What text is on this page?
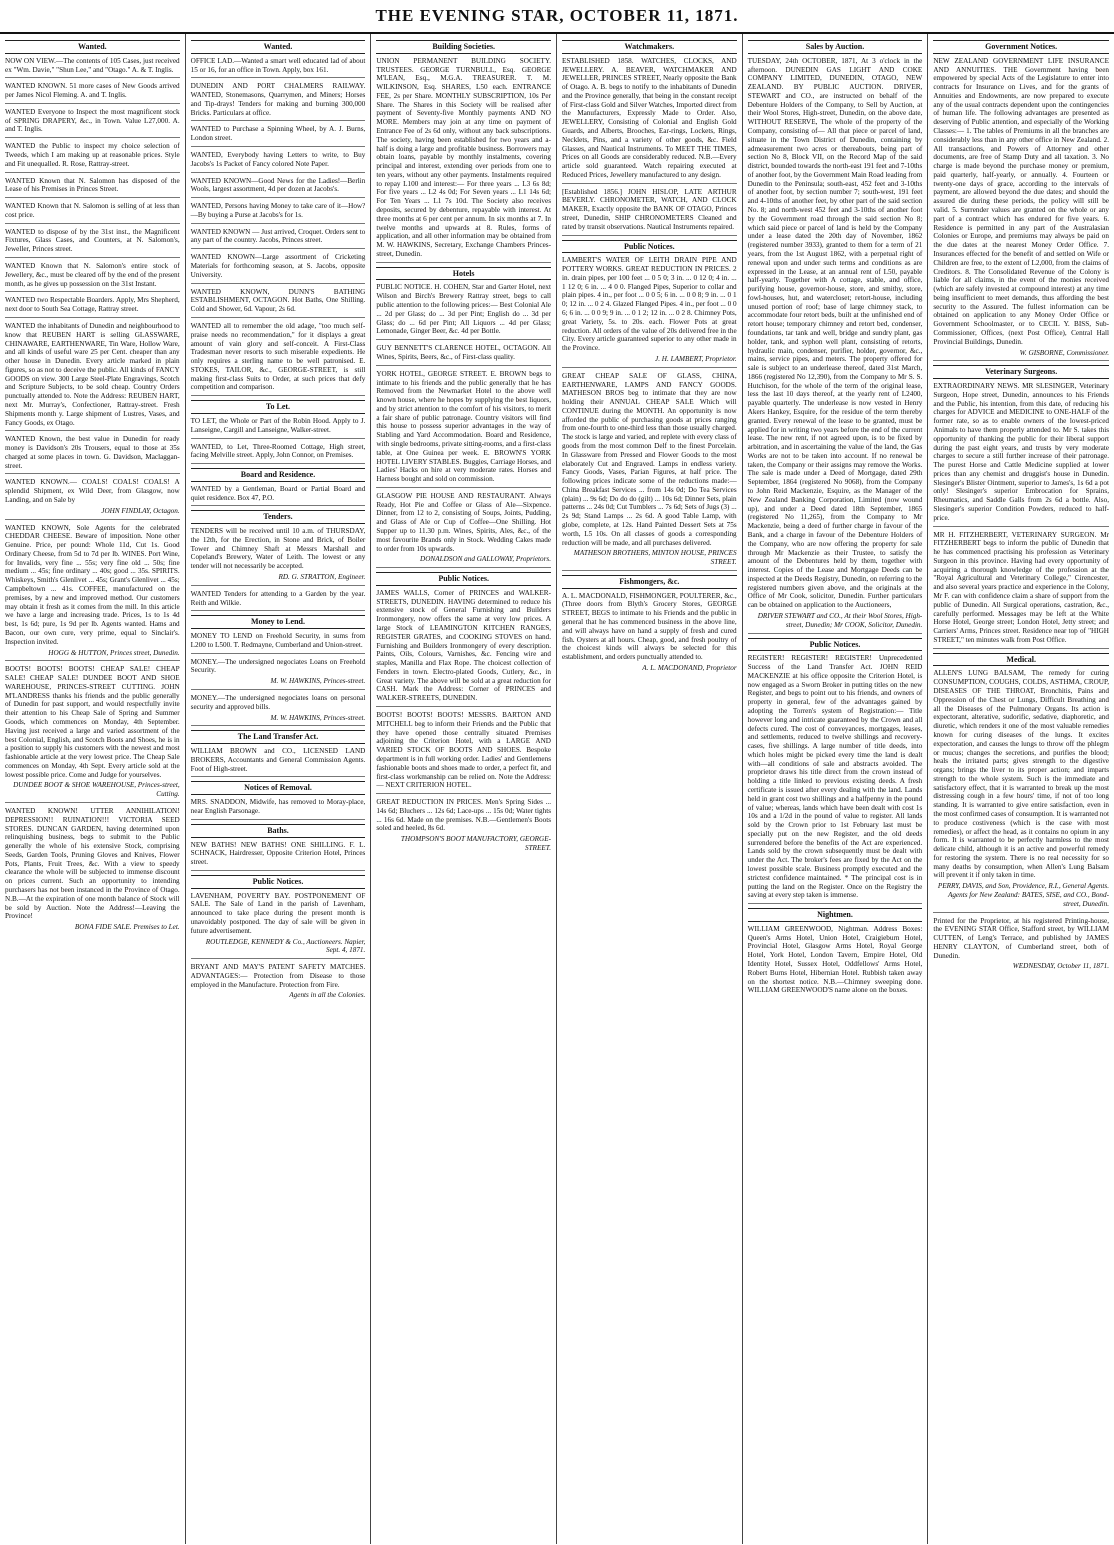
THE EVENING STAR, OCTOBER 11, 1871.
Wanted.
NOW ON VIEW.—The contents of 105 Cases, just received ex "Wm. Davie," "Shun Lee," and "Otago." A. & T. Inglis.
WANTED KNOWN. 51 more cases of New Goods arrived per James Nicol Fleming. A. and T. Inglis.
WANTED Everyone to Inspect the most magnificent stock of SPRING DRAPERY, &c., in Town. Value L27,000. A. and T. Inglis.
WANTED the Public to inspect my choice selection of Tweeds, which I am making up at reasonable prices. Style and Fit unequalled. R. Rose, Rattray-street.
WANTED Known that N. Salomon has disposed of the Lease of his Premises in Princes Street.
WANTED Known that N. Salomon is selling of at less than cost price.
WANTED to dispose of by the 31st inst., the Magnificent Fixtures, Glass Cases, and Counters, at N. Salomon's, Jeweller, Princes street.
WANTED Known that N. Salomon's entire stock of Jewellery, &c., must be cleared off by the end of the present month, as he gives up possession on the 31st Instant.
WANTED two Respectable Boarders. Apply, Mrs Shepherd, next door to South Sea Cottage, Rattray street.
WANTED the inhabitants of Dunedin and neighbourhood to know that REUBEN HART is selling GLASSWARE, CHINAWARE, EARTHENWARE, Tin Ware, Hollow Ware, and all kinds of useful ware 25 per Cent. cheaper than any other house in Dunedin. Every article marked in plain figures, so as not to deceive the public. All kinds of FANCY GOODS on view. 300 Large Steel-Plate Engravings, Scotch and Scripture Subjects, to be sold cheap. Country Orders punctually attended to. Note the Address: REUBEN HART, next Mr. Murray's, Confectioner, Rattray-street. Fresh Shipments month y. Large shipment of Lustres, Vases, and Fancy Goods, ex Otago.
WANTED Known, the best value in Dunedin for ready money is Davidson's 20s Trousers, equal to those at 35s charged at some places in town. G. Davidson, Maclaggan-street.
WANTED KNOWN.— COALS! COALS! COALS! A splendid Shipment, ex Wild Deer, from Glasgow, now Landing, and on Sale by
JOHN FINDLAY, Octagon.
WANTED KNOWN, Sole Agents for the celebrated CHEDDAR CHEESE. Beware of imposition. None other Genuine. Price, per pound: Whole 11d, Cut 1s. Good Ordinary Cheese, from 5d to 7d per lb. WINES. Port Wine, for Invalids, very fine ... 55s; very fine old ... 50s; fine medium ... 45s; fine ordinary ... 40s; good ... 35s. SPIRITS. Whiskeys, Smith's Glenlivet ... 45s; Grant's Glenlivet ... 45s; Campbeltown ... 41s. COFFEE, manufactured on the premises, by a new and improved method. Our customers may obtain it fresh as it comes from the mill. In this article we have a large and increasing trade. Prices, 1s to 1s 4d best, 1s 6d; pure, 1s 9d per lb. Agents wanted. Hams and Bacon, our own cure, very prime, equal to Sinclair's. Inspection invited.
HOGG & HUTTON, Princes street, Dunedin.
BOOTS! BOOTS! BOOTS! CHEAP SALE! CHEAP SALE! CHEAP SALE! DUNDEE BOOT AND SHOE WAREHOUSE, PRINCES-STREET CUTTING. JOHN M'LANDRESS thanks his friends and the public generally of Dunedin for past support, and would respectfully invite their attention to his Cheap Sale of Spring and Summer Goods, which commences on Monday, 4th September. Having just received a large and varied assortment of the best Colonial, English, and Scotch Boots and Shoes, he is in a position to supply his customers with the newest and most fashionable article at the very lowest price. The Cheap Sale commences on Monday, 4th Sept. Every article sold at the lowest possible price. Come and Judge for yourselves.
DUNDEE BOOT & SHOE WAREHOUSE, Princes-street, Cutting.
WANTED KNOWN! UTTER ANNIHILATION! DEPRESSION!! RUINATION!!! VICTORIA SEED STORES. DUNCAN GARDEN, having determined upon relinquishing business, begs to submit to the Public generally the whole of his extensive Stock, comprising Seeds, Garden Tools, Pruning Gloves and Knives, Flower Pots, Plants, Fruit Trees, &c. With a view to speedy clearance the whole will be subjected to immense discount on prices current. Such an opportunity to intending purchasers has not been instanced in the Province of Otago. N.B.—At the expiration of one month balance of Stock will be sold by Auction. Note the Address!—Leaving the Province!
BONA FIDE SALE. Premises to Let.
Wanted.
OFFICE LAD.—Wanted a smart well educated lad of about 15 or 16, for an office in Town. Apply, box 161.
DUNEDIN AND PORT CHALMERS RAILWAY. WANTED, Stonemasons, Quarrymen, and Miners; Horses and Tip-drays! Tenders for making and burning 300,000 Bricks. Particulars at office.
WANTED to Purchase a Spinning Wheel, by A. J. Burns, London street.
WANTED, Everybody having Letters to write, to Buy Jacobs's 1s Packet of Fancy colored Note Paper.
WANTED KNOWN—Good News for the Ladies!—Berlin Wools, largest assortment, 4d per dozen at Jacobs's.
WANTED, Persons having Money to take care of it—How?—By buying a Purse at Jacobs's for 1s.
WANTED KNOWN — Just arrived, Croquet. Orders sent to any part of the country. Jacobs, Princes street.
WANTED KNOWN—Large assortment of Cricketing Materials for forthcoming season, at S. Jacobs, opposite University.
WANTED KNOWN, DUNN'S BATHING ESTABLISHMENT, OCTAGON. Hot Baths, One Shilling. Cold and Shower, 6d. Vapour, 2s 6d.
WANTED all to remember the old adage, "too much self-praise needs no recommendation," for it displays a great amount of vain glory and self-conceit. A First-Class Tradesman never resorts to such miserable expedients. He only requires a sterling name to be well patronised. E. STOKES, TAILOR, &c., GEORGE-STREET, is still making first-class Suits to Order, at such prices that defy competition and comparison.
To Let.
TO LET, the Whole or Part of the Robin Hood. Apply to J. Lanseigne, Cargill and Lanseigne, Walker-street.
WANTED, to Let, Three-Roomed Cottage, High street, facing Melville street. Apply, John Connor, on Premises.
Board and Residence.
WANTED by a Gentleman, Board or Partial Board and quiet residence. Box 47, P.O.
Tenders.
TENDERS will be received until 10 a.m. of THURSDAY, the 12th, for the Erection, in Stone and Brick, of Boiler Tower and Chimney Shaft at Messrs Marshall and Copeland's Brewery, Water of Leith. The lowest or any tender will not necessarily be accepted.
RD. G. STRATTON, Engineer.
WANTED Tenders for attending to a Garden by the year. Reith and Wilkie.
Money to Lend.
MONEY TO LEND on Freehold Security, in sums from L200 to L500. T. Redmayne, Cumberland and Union-street.
MONEY.—The undersigned negociates Loans on Freehold Security.
M. W. HAWKINS, Princes-street.
MONEY.—The undersigned negociates loans on personal security and approved bills.
M. W. HAWKINS, Princes-street.
The Land Transfer Act.
WILLIAM BROWN and CO., LICENSED LAND BROKERS, Accountants and General Commission Agents. Foot of High-street.
Notices of Removal.
MRS. SNADDON, Midwife, has removed to Moray-place, near English Parsonage.
Baths.
NEW BATHS! NEW BATHS! ONE SHILLING. F. L. SCHNACK, Hairdresser, Opposite Criterion Hotel, Princes street.
Public Notices.
LAVENHAM, POVERTY BAY. POSTPONEMENT OF SALE. The Sale of Land in the parish of Lavenham, announced to take place during the present month is unavoidably postponed. The day of sale will be given in future advertisement.
ROUTLEDGE, KENNEDY & Co., Auctioneers. Napier, Sept. 4, 1871.
BRYANT AND MAY'S PATENT SAFETY MATCHES. ADVANTAGES:— Protection from Disease to those employed in the Manufacture. Protection from Fire.
Agents in all the Colonies.
Building Societies.
UNION PERMANENT BUILDING SOCIETY. TRUSTEES. GEORGE TURNBULL, Esq. GEORGE M'LEAN, Esq., M.G.A. TREASURER. T. M. WILKINSON, Esq. SHARES, L50 each. ENTRANCE FEE, 2s per Share. MONTHLY SUBSCRIPTION, 10s Per Share. The Shares in this Society will be realised after payment of Seventy-five Monthly payments AND NO MORE. Members may join at any time on payment of Entrance Fee of 2s 6d only, without any back subscriptions. The society, having been established for two years and a-half is doing a large and profitable business. Borrowers may obtain loans, payable by monthly instalments, covering principal and interest, extending over periods from one to ten years, without any other payments. Instalments required to repay L100 and interest:— For three years ... L3 6s 8d; For five years ... L2 4s 0d; For Seven years ... L1 14s 6d; For Ten Years ... L1 7s 10d. The Society also receives deposits, secured by debenture, repayable with interest. At three months at 6 per cent per annum. In six months at 7. In twelve months and upwards at 8. Rules, forms of application, and all other information may be obtained from M. W. HAWKINS, Secretary, Exchange Chambers Princes-street, Dunedin.
Hotels
PUBLIC NOTICE. H. COHEN, Star and Garter Hotel, next Wilson and Birch's Brewery Rattray street, begs to call public attention to the following prices:— Best Colonial Ale ... 2d per Glass; do ... 3d per Pint; English do ... 3d per Glass; do ... 6d per Pint; All Liquors ... 4d per Glass; Lemonade, Ginger Beer, &c. 4d per Bottle.
GUY BENNETT'S CLARENCE HOTEL, OCTAGON. All Wines, Spirits, Beers, &c., of First-class quality.
YORK HOTEL, GEORGE STREET. E. BROWN begs to intimate to his friends and the public generally that he has Removed from the Newmarket Hotel to the above well known house, where he hopes by supplying the best liquors, and by strict attention to the comfort of his visitors, to merit a fair share of public patronage. Country visitors will find this house to possess superior advantages in the way of Stabling and Yard Accommodation. Board and Residence, with single bedrooms, private sitting-rooms, and a first-class table, at One Guinea per week. E. BROWN'S YORK HOTEL LIVERY STABLES. Buggies, Carriage Horses, and Ladies' Hacks on hire at very moderate rates. Horses and Harness bought and sold on commission.
GLASGOW PIE HOUSE AND RESTAURANT. Always Ready, Hot Pie and Coffee or Glass of Ale—Sixpence. Dinner, from 12 to 2, consisting of Soups, Joints, Pudding, and Glass of Ale or Cup of Coffee—One Shilling. Hot Supper up to 11.30 p.m. Wines, Spirits, Ales, &c., of the most favourite Brands only in Stock. Wedding Cakes made to order from 10s upwards.
DONALDSON and GALLOWAY, Proprietors.
Public Notices.
JAMES WALLS, Corner of PRINCES and WALKER-STREETS, DUNEDIN. HAVING determined to reduce his extensive stock of General Furnishing and Builders Ironmongery, now offers the same at very low prices. A large Stock of LEAMINGTON KITCHEN RANGES, REGISTER GRATES, and COOKING STOVES on hand. Furnishing and Builders Ironmongery of every description. Paints, Oils, Colours, Varnishes, &c. Fencing wire and staples, Manilla and Flax Rope. The choicest collection of Fenders in town. Electro-plated Goods, Cutlery, &c., in Great variety. The above will be sold at a great reduction for CASH. Mark the Address: Corner of PRINCES and WALKER-STREETS, DUNEDIN.
BOOTS! BOOTS! BOOTS! MESSRS. BARTON AND MITCHELL beg to inform their Friends and the Public that they have opened those centrally situated Premises adjoining the Criterion Hotel, with a LARGE AND VARIED STOCK OF BOOTS AND SHOES. Bespoke department is in full working order. Ladies' and Gentlemens fashionable boots and shoes made to order, a perfect fit, and first-class workmanship can be relied on. Note the Address:— NEXT CRITERION HOTEL.
GREAT REDUCTION IN PRICES. Men's Spring Sides ... 14s 6d; Bluchers ... 12s 6d; Lace-ups ... 15s 0d; Water tights ... 16s 6d. Made on the premises. N.B.—Gentlemen's Boots soled and heeled, 8s 6d.
THOMPSON'S BOOT MANUFACTORY, GEORGE-STREET.
Watchmakers.
ESTABLISHED 1858. WATCHES, CLOCKS, AND JEWELLERY. A. BEAVER, WATCHMAKER AND JEWELLER, PRINCES STREET, Nearly opposite the Bank of Otago. A. B. begs to notify to the inhabitants of Dunedin and the Province generally, that being in the constant receipt of First-class Gold and Silver Watches, Imported direct from the Manufacturers, Expressly Made to Order. Also, JEWELLERY, Consisting of Colonial and English Gold Guards, and Alberts, Brooches, Ear-rings, Lockets, Rings, Necklets, Pins, and a variety of other goods, &c. Field Glasses, and Nautical Instruments. To MEET THE TIMES, Prices on all Goods are considerably reduced. N.B.—Every article sold guaranteed. Watch repairing executed at Reduced Prices, Jewellery manufactured to any design.
[Established 1856.] JOHN HISLOP, LATE ARTHUR BEVERLY. CHRONOMETER, WATCH, AND CLOCK MAKER, Exactly opposite the BANK OF OTAGO, Princes street, Dunedin, SHIP CHRONOMETERS Cleaned and rated by transit observations. Nautical Instruments repaired.
Public Notices.
LAMBERT'S WATER OF LEITH DRAIN PIPE AND POTTERY WORKS. GREAT REDUCTION IN PRICES. 2 in. drain pipes, per 100 feet ... 0 5 0; 3 in. ... 0 12 0; 4 in. ... 1 12 0; 6 in. ... 4 0 0. Flanged Pipes, Superior to collar and plain pipes. 4 in., per foot ... 0 0 5; 6 in. ... 0 0 8; 9 in. ... 0 1 0; 12 in. ... 0 2 4. Glazed Flanged Pipes. 4 in., per foot ... 0 0 6; 6 in. ... 0 0 9; 9 in. ... 0 1 2; 12 in. ... 0 2 8. Chimney Pots, great Variety, 5s. to 20s. each. Flower Pots at great reduction. All orders of the value of 20s delivered free in the City. Every article guaranteed superior to any other made in the Province.
J. H. LAMBERT, Proprietor.
GREAT CHEAP SALE OF GLASS, CHINA, EARTHENWARE, LAMPS AND FANCY GOODS. MATHESON BROS beg to intimate that they are now holding their ANNUAL CHEAP SALE Which will CONTINUE during the MONTH. An opportunity is now afforded the public of purchasing goods at prices ranging from one-fourth to one-third less than those usually charged. The stock is large and varied, and replete with every class of goods from the most common Delf to the finest Porcelain. In Glassware from Pressed and Flower Goods to the most elaborately Cut and Engraved. Lamps in endless variety. Fancy Goods, Vases, Parian Figures, at half price. The following prices indicate some of the reductions made:— China Breakfast Services ... from 14s 0d; Do Tea Services (plain) ... 9s 6d; Do do do (gilt) ... 10s 6d; Dinner Sets, plain patterns ... 24s 0d; Cut Tumblers ... 7s 6d; Sets of Jugs (3) ... 2s 9d; Stand Lamps ... 2s 6d. A good Table Lamp, with globe, complete, at 12s. Hand Painted Dessert Sets at 75s worth, L5 10s. On all classes of goods a corresponding reduction will be made, and all purchases delivered.
MATHESON BROTHERS, MINTON HOUSE, PRINCES STREET.
Fishmongers, &c.
A. L. MACDONALD, FISHMONGER, POULTERER, &c., (Three doors from Blyth's Grocery Stores, GEORGE STREET, BEGS to intimate to his Friends and the public in general that he has commenced business in the above line, and will always have on hand a supply of fresh and cured fish. Oysters at all hours. Cheap, good, and fresh poultry of the choicest kinds will always be selected for this establishment, and orders punctually attended to.
A. L. MACDONAND, Proprietor
Sales by Auction.
TUESDAY, 24th OCTOBER, 1871, At 3 o'clock in the afternoon. DUNEDIN GAS LIGHT AND COKE COMPANY LIMITED, DUNEDIN, OTAGO, NEW ZEALAND. BY PUBLIC AUCTION. DRIVER, STEWART and CO., are instructed on behalf of the Debenture Holders of the Company, to Sell by Auction, at their Wool Stores, High-street, Dunedin, on the above date, WITHOUT RESERVE, The whole of the property of the Company, consisting of— All that piece or parcel of land, situate in the Town District of Dunedin, containing by admeasurement two acres or thereabouts, being part of section No 8, Block VII, on the Record Map of the said district, bounded towards the north-east 191 feet and 7-10ths of another foot, by the Government Main Road leading from Dunedin to the Peninsula; south-east, 452 feet and 3-10ths of another foot, by section number 7; south-west, 191 feet and 4-10ths of another feet, by other part of the said section No. 8; and north-west 452 feet and 3-10ths of another foot by the Government road through the said section No 8; which said piece or parcel of land is held by the Company under a lease dated the 20th day of November, 1862 (registered number 3933), granted to them for a term of 21 years, from the 1st August 1862, with a perpetual right of renewal upon and under such terms and conditions as are expressed in the Lease, at an annual rent of L50, payable half-yearly. Together with A cottage, stable, and office, purifying house, governor-house, store, and smithy, store, fowl-houses, hut, and watercloset; retort-house, including unused portion of roof; base of large chimney stack, to accommodate four retort beds, built at the unfinished end of retort house; temporary chimney and retort bed, condenser, foundations, tar tank and well, bridge and sundry plant, gas holder, tank, and syphon well plant, consisting of retorts, hydraulic main, condenser, purifier, holder, governor, &c., mains, service pipes, and meters. The property offered for sale is subject to an underlease thereof, dated 31st March, 1866 (registered No 12,390), from the Company to Mr S. S. Hutchison, for the whole of the term of the original lease, less the last 10 days thereof, at the yearly rent of L2400, payable quarterly. The underlease is now vested in Henry Akers Hankey, Esquire, for the residue of the term thereby granted. Every renewal of the lease to be granted, must be applied for in writing two years before the end of the current lease. The new rent, if not agreed upon, is to be fixed by arbitration, and in ascertaining the value of the land, the Gas Works are not to be taken into account. If no renewal be taken, the Company or their assigns may remove the Works. The sale is made under a Deed of Mortgage, dated 29th September, 1864 (registered No 9068), from the Company to John Reid Mackenzie, Esquire, as the Manager of the New Zealand Banking Corporation, Limited (now wound up), and under a Deed dated 18th September, 1865 (registered No 11,265), from the Company to Mr Mackenzie, being a deed of further charge in favour of the Bank, and a charge in favour of the Debenture Holders of the Company, who are now offering the property for sale through Mr Mackenzie as their Trustee, to satisfy the amount of the Debentures held by them, together with interest. Copies of the Lease and Mortgage Deeds can be inspected at the Deeds Registry, Dunedin, on referring to the registered numbers given above, and the originals at the Office of Mr Cook, solicitor, Dunedin. Further particulars can be obtained on application to the Auctioneers,
DRIVER STEWART and CO., At their Wool Stores, High-street, Dunedin; Mr COOK, Solicitor, Dunedin.
Public Notices.
REGISTER! REGISTER! REGISTER! Unprecedented Success of the Land Transfer Act. JOHN REID MACKENZIE at his office opposite the Criterion Hotel, is now engaged as a Sworn Broker in putting titles on the new Register, and begs to point out to his friends, and owners of property in general, few of the advantages gained by adopting the Torren's system of Registration:— Title however long and intricate guaranteed by the Crown and all defects cured. The cost of conveyances, mortgages, leases, and settlements, reduced to twelve shillings and recovery-cases, five shillings. A large number of title deeds, into which holes might be picked every time the land is dealt with—all conditions of sale and abstracts avoided. The proprietor draws his title direct from the crown instead of holding a title linked to previous existing deeds. A fresh certificate is issued after every dealing with the land. Lands held in grant cost two shillings and a halfpenny in the pound of value; whereas, lands which have been dealt with cost 1s 10s and a 1/2d in the pound of value to register. All lands sold by the Crown prior to 1st February last must be specially put on the new Register, and the old deeds surrendered before the benefits of the Act are experienced. Lands sold by the crown subsequently must be dealt with under the Act. The broker's fees are fixed by the Act on the lowest possible scale. Business promptly executed and the strictest confidence maintained. * The principal cost is in putting the land on the Register. Once on the Registry the saving at every step taken is immense.
Nightmen.
WILLIAM GREENWOOD, Nightman. Address Boxes: Queen's Arms Hotel, Union Hotel, Craigieburn Hotel, Provincial Hotel, Glasgow Arms Hotel, Royal George Hotel, York Hotel, London Tavern, Empire Hotel, Old Identity Hotel, Sussex Hotel, Oddfellows' Arms Hotel, Robert Burns Hotel, Hibernian Hotel. Rubbish taken away on the shortest notice. N.B.—Chimney sweeping done. WILLIAM GREENWOOD'S name alone on the boxes.
Government Notices.
NEW ZEALAND GOVERNMENT LIFE INSURANCE AND ANNUITIES. THE Government having been empowered by special Acts of the Legislature to enter into contracts for Insurance on Lives, and for the grants of Annuities and Endowments, are now prepared to execute any of the usual contracts dependent upon the contingencies of human life. The following advantages are presented as deserving of Public attention, and especially of the Working Classes:— 1. The tables of Premiums in all the branches are considerably less than in any other office in New Zealand. 2. All transactions, and Powers of Attorney and other documents, are free of Stamp Duty and all taxation. 3. No charge is made beyond the purchase money or premium, paid quarterly, half-yearly, or annually. 4. Fourteen or twenty-one days of grace, according to the intervals of payment, are allowed beyond the due dates; and should the assured die during these periods, the policy will still be valid. 5. Surrender values are granted on the whole or any part of a contract which has endured for five years. 6. Residence is permitted in any part of the Australasian Colonies or Europe, and premiums may always be paid on the due dates at the nearest Money Order Office. 7. Insurances effected for the benefit of and settled on Wife or Children are free, to the extent of L2,000, from the claims of Creditors. 8. The Consolidated Revenue of the Colony is liable for all claims, in the event of the monies received (which are safely invested at compound interest) at any time being insufficient to meet demands, thus affording the best security to the Assured. The fullest information can be obtained on application to any Money Order Office or Government Schoolmaster, or to CECIL Y. BISS, Sub-Commissioner, Offices, (next Post Office), Central Hall Provincial Buildings, Dunedin.
W. GISBORNE, Commissioner.
Veterinary Surgeons.
EXTRAORDINARY NEWS. MR SLESINGER, Veterinary Surgeon, Hope street, Dunedin, announces to his Friends and the Public, his intention, from this date, of reducing his charges for ADVICE and MEDICINE to ONE-HALF of the former rate, so as to enable owners of the lowest-priced Animals to have them properly attended to. Mr S. takes this opportunity of thanking the public for their liberal support during the past eight years, and trusts by very moderate charges to secure a still further increase of their patronage. The purest Horse and Cattle Medicine supplied at lower prices than any chemist and druggist's house in Dunedin. Slesinger's Blister Ointment, superior to James's, 1s 6d a pot only! Slesinger's superior Embrocation for Sprains, Rheumatics, and Saddle Galls from 2s 6d a bottle. Also, Slesinger's superior Condition Powders, reduced to half-price.
MR H. FITZHERBERT, VETERINARY SURGEON. Mr FITZHERBERT begs to inform the public of Dunedin that he has commenced practising his profession as Veterinary Surgeon in this province. Having had every opportunity of acquiring a thorough knowledge of the profession at the "Royal Agricultural and Veterinary College," Cirencester, and also several years practice and experience in the Colony, Mr F. can with confidence claim a share of support from the public of Dunedin. All Surgical operations, castration, &c., carefully performed. Messages may be left at the White Horse Hotel, George street; London Hotel, Jetty street; and Carriers' Arms, Princes street. Residence near top of "HIGH STREET," ten minutes walk from Post Office.
Medical.
ALLEN'S LUNG BALSAM, The remedy for curing CONSUMPTION, COUGHS, COLDS, ASTHMA, CROUP, DISEASES OF THE THROAT, Bronchitis, Pains and Oppression of the Chest or Lungs, Difficult Breathing and all the Diseases of the Pulmonary Organs. Its action is expectorant, alterative, sudorific, sedative, diaphoretic, and diuretic, which renders it one of the most valuable remedies known for curing diseases of the lungs. It excites expectoration, and causes the lungs to throw off the phlegm or mucus; changes the secretions, and purifies the blood; heals the irritated parts; gives strength to the digestive organs; brings the liver to its proper action; and imparts strength to the whole system. Such is the immediate and satisfactory effect, that it is warranted to break up the most distressing cough in a few hours' time, if not of too long standing. It is warranted to give entire satisfaction, even in the most confirmed cases of consumption. It is warranted not to produce costiveness (which is the case with most remedies), or affect the head, as it contains no opium in any form. It is warranted to be perfectly harmless to the most delicate child, although it is an active and powerful remedy for restoring the system. There is no real necessity for so many deaths by consumption, when Allen's Lung Balsam will prevent it if only taken in time.
PERRY, DAVIS, and Son, Providence, R.I., General Agents. Agents for New Zealand: BATES, SISE, and CO., Bond-street, Dunedin.
Printed for the Proprietor, at his registered Printing-house, the EVENING STAR Office, Stafford street, by WILLIAM CUTTEN, of Leng's Terrace, and published by JAMES HENRY CLAYTON, of Cumberland street, both of Dunedin.
WEDNESDAY, October 11, 1871.
